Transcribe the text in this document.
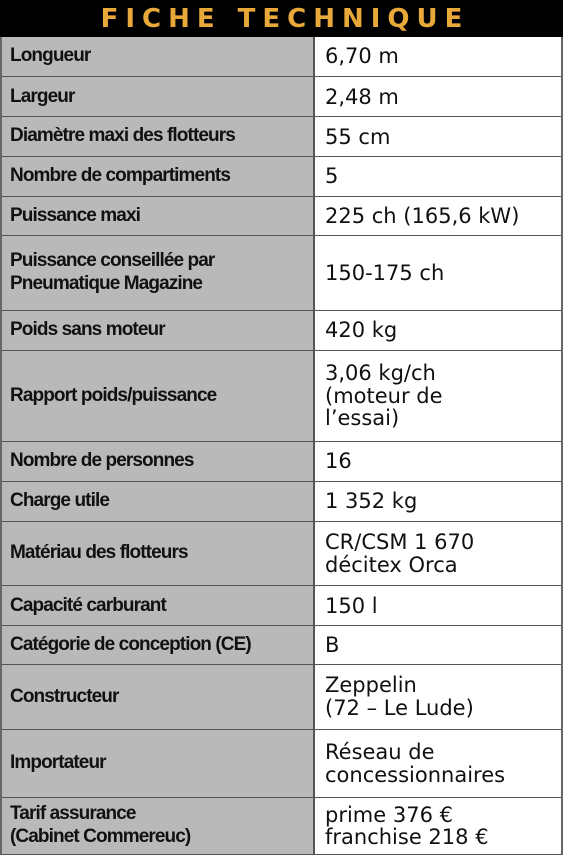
FICHE TECHNIQUE
Longueur	6,70 m
Largeur	2,48 m
Diamètre maxi des flotteurs	55 cm
Nombre de compartiments	5
Puissance maxi	225 ch (165,6 kW)
Puissance conseillée par
Pneumatique Magazine	150-175 ch
Poids sans moteur	420 kg
Rapport poids/puissance	3,06 kg/ch
(moteur de
l’essai)
Nombre de personnes	16
Charge utile	1 352 kg
Matériau des flotteurs	CR/CSM 1 670
décitex Orca
Capacité carburant	150 l
Catégorie de conception (CE)	B
Constructeur	Zeppelin
(72 – Le Lude)
Importateur	Réseau de
concessionnaires
Tarif assurance
(Cabinet Commereuc)	prime 376 €
franchise 218 €
